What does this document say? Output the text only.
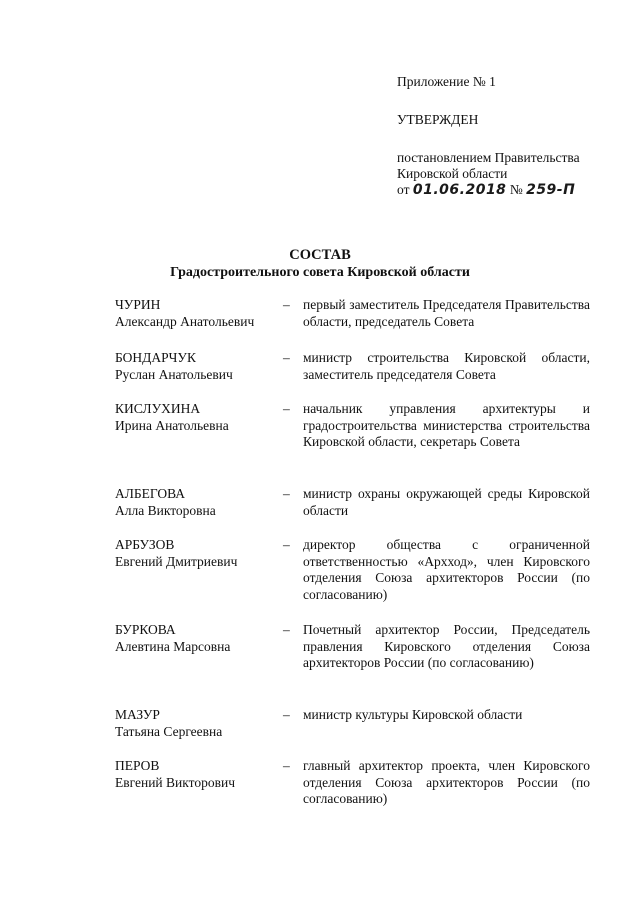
Приложение № 1

УТВЕРЖДЕН

постановлением Правительства
Кировской области
от 01.06.2018 № 259-П

СОСТАВ

Градостроительного совета Кировской области

ЧУРИН
Александр Анатольевич
– первый заместитель Председателя Правительства области, председатель Совета
БОНДАРЧУК
Руслан Анатольевич
– министр строительства Кировской области, заместитель председателя Совета
КИСЛУХИНА
Ирина Анатольевна
– начальник управления архитектуры и градостроительства министерства строительства Кировской области, секретарь Совета
АЛБЕГОВА
Алла Викторовна
– министр охраны окружающей среды Кировской области
АРБУЗОВ
Евгений Дмитриевич
– директор общества с ограниченной ответственностью «Архход», член Кировского отделения Союза архитекторов России (по согласованию)
БУРКОВА
Алевтина Марсовна
– Почетный архитектор России, Председатель правления Кировского отделения Союза архитекторов России (по согласованию)
МАЗУР
Татьяна Сергеевна
– министр культуры Кировской области
ПЕРОВ
Евгений Викторович
– главный архитектор проекта, член Кировского отделения Союза архитекторов России (по согласованию)
